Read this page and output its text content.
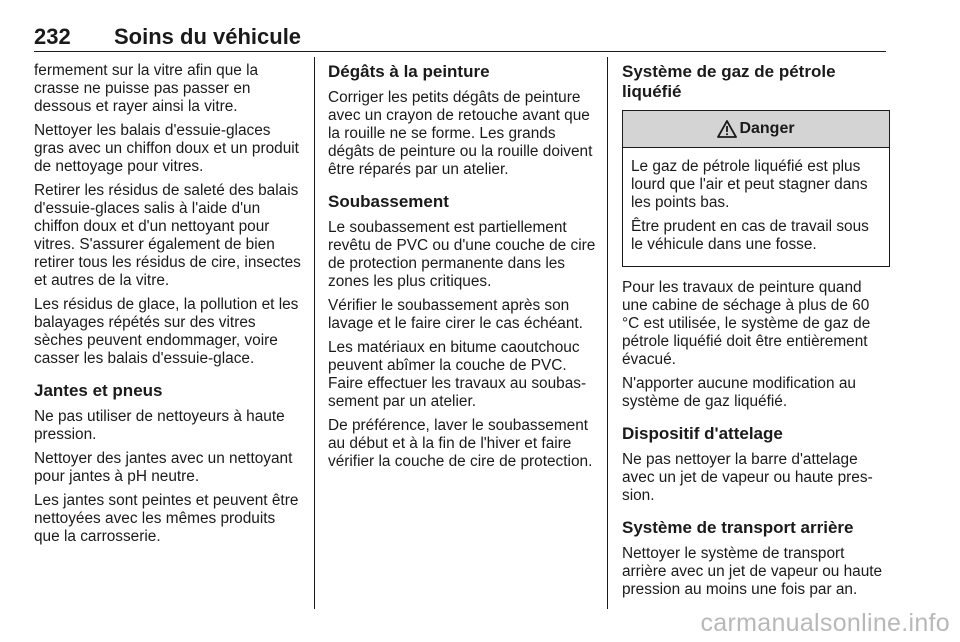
232 Soins du véhicule

fermement sur la vitre afin que la crasse ne puisse pas passer en dessous et rayer ainsi la vitre.

Nettoyer les balais d'essuie-glaces gras avec un chiffon doux et un produit de nettoyage pour vitres.

Retirer les résidus de saleté des balais d'essuie-glaces salis à l'aide d'un chiffon doux et d'un nettoyant pour vitres. S'assurer également de bien retirer tous les résidus de cire, insectes et autres de la vitre.

Les résidus de glace, la pollution et les balayages répétés sur des vitres sèches peuvent endommager, voire casser les balais d'essuie-glace.

Jantes et pneus

Ne pas utiliser de nettoyeurs à haute pression.

Nettoyer des jantes avec un nettoyant pour jantes à pH neutre.

Les jantes sont peintes et peuvent être nettoyées avec les mêmes produits que la carrosserie.

Dégâts à la peinture

Corriger les petits dégâts de peinture avec un crayon de retouche avant que la rouille ne se forme. Les grands dégâts de peinture ou la rouille doivent être réparés par un atelier.

Soubassement

Le soubassement est partiellement revêtu de PVC ou d'une couche de cire de protection permanente dans les zones les plus critiques.

Vérifier le soubassement après son lavage et le faire cirer le cas échéant.

Les matériaux en bitume caoutchouc peuvent abîmer la couche de PVC. Faire effectuer les travaux au soubassement par un atelier.

De préférence, laver le soubassement au début et à la fin de l'hiver et faire vérifier la couche de cire de protection.

Système de gaz de pétrole liquéfié
Danger

Le gaz de pétrole liquéfié est plus lourd que l'air et peut stagner dans les points bas.

Être prudent en cas de travail sous le véhicule dans une fosse.

Pour les travaux de peinture quand une cabine de séchage à plus de 60 °C est utilisée, le système de gaz de pétrole liquéfié doit être entièrement évacué.

N'apporter aucune modification au système de gaz liquéfié.

Dispositif d'attelage

Ne pas nettoyer la barre d'attelage avec un jet de vapeur ou haute pression.

Système de transport arrière

Nettoyer le système de transport arrière avec un jet de vapeur ou haute pression au moins une fois par an.

carmanualsonline.info
